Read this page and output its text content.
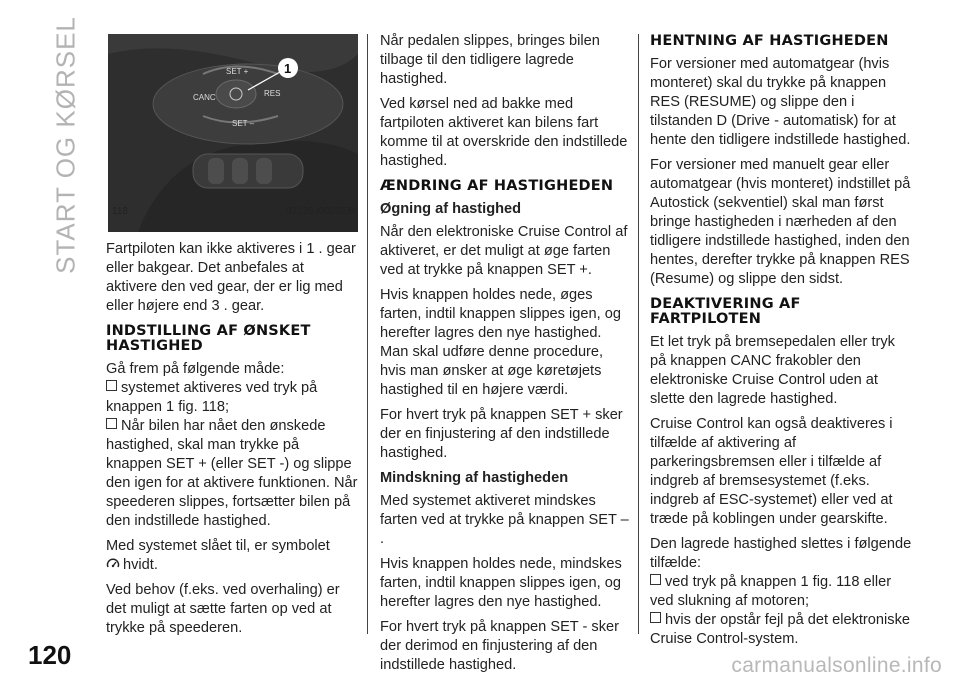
START OG KØRSEL
120	carmanualsonline.info
SET +
CANC	RES
SET –
1
118	07126J0002EM

Fartpiloten kan ikke aktiveres i 1 . gear eller bakgear. Det anbefales at aktivere den ved gear, der er lig med eller højere end 3 . gear.

INDSTILLING AF ØNSKET HASTIGHED

Gå frem på følgende måde:

systemet aktiveres ved tryk på knappen 1 fig. 118;

Når bilen har nået den ønskede hastighed, skal man trykke på knappen SET + (eller SET -) og slippe den igen for at aktivere funktionen. Når speederen slippes, fortsætter bilen på den indstillede hastighed.

Med systemet slået til, er symbolet
hvidt.

Ved behov (f.eks. ved overhaling) er det muligt at sætte farten op ved at trykke på speederen.

Når pedalen slippes, bringes bilen tilbage til den tidligere lagrede hastighed.

Ved kørsel ned ad bakke med fartpiloten aktiveret kan bilens fart komme til at overskride den indstillede hastighed.

ÆNDRING AF HASTIGHEDEN
Øgning af hastighed

Når den elektroniske Cruise Control af aktiveret, er det muligt at øge farten ved at trykke på knappen SET +.

Hvis knappen holdes nede, øges farten, indtil knappen slippes igen, og herefter lagres den nye hastighed. Man skal udføre denne procedure, hvis man ønsker at øge køretøjets hastighed til en højere værdi.

For hvert tryk på knappen SET + sker der en finjustering af den indstillede hastighed.

Mindskning af hastigheden

Med systemet aktiveret mindskes farten ved at trykke på knappen SET – .

Hvis knappen holdes nede, mindskes farten, indtil knappen slippes igen, og herefter lagres den nye hastighed.

For hvert tryk på knappen SET - sker der derimod en finjustering af den indstillede hastighed.

HENTNING AF HASTIGHEDEN

For versioner med automatgear (hvis monteret) skal du trykke på knappen RES (RESUME) og slippe den i tilstanden D (Drive - automatisk) for at hente den tidligere indstillede hastighed.

For versioner med manuelt gear eller automatgear (hvis monteret) indstillet på Autostick (sekventiel) skal man først bringe hastigheden i nærheden af den tidligere indstillede hastighed, inden den hentes, derefter trykke på knappen RES (Resume) og slippe den sidst.

DEAKTIVERING AF FARTPILOTEN

Et let tryk på bremsepedalen eller tryk på knappen CANC frakobler den elektroniske Cruise Control uden at slette den lagrede hastighed.

Cruise Control kan også deaktiveres i tilfælde af aktivering af parkeringsbremsen eller i tilfælde af indgreb af bremsesystemet (f.eks. indgreb af ESC-systemet) eller ved at træde på koblingen under gearskifte.

Den lagrede hastighed slettes i følgende tilfælde:

ved tryk på knappen 1 fig. 118 eller ved slukning af motoren;

hvis der opstår fejl på det elektroniske Cruise Control-system.
